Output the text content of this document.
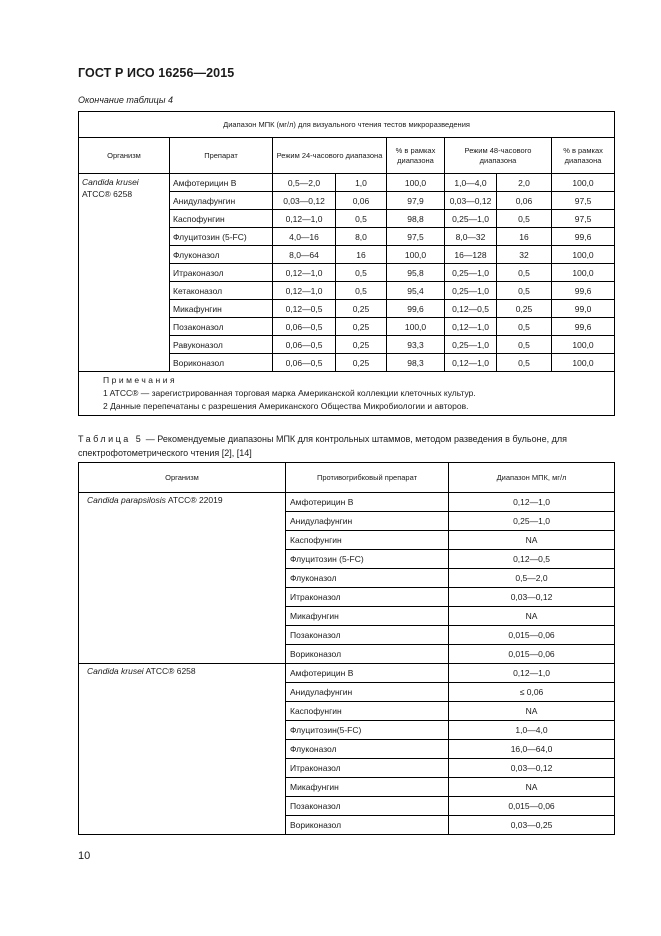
ГОСТ Р ИСО 16256—2015
Окончание таблицы 4
Диапазон МПК (мг/л) для визуального чтения тестов микроразведения							
Организм	Препарат	Режим 24-часового диапазона		% в рамках диапазона	Режим 48-часового диапазона		% в рамках диапазона
Candida krusei
ATCC® 6258	Амфотерицин В	0,5—2,0	1,0	100,0	1,0—4,0	2,0	100,0
	Анидулафунгин	0,03—0,12	0,06	97,9	0,03—0,12	0,06	97,5
	Каспофунгин	0,12—1,0	0,5	98,8	0,25—1,0	0,5	97,5
	Флуцитозин (5-FC)	4,0—16	8,0	97,5	8,0—32	16	99,6
	Флуконазол	8,0—64	16	100,0	16—128	32	100,0
	Итраконазол	0,12—1,0	0,5	95,8	0,25—1,0	0,5	100,0
	Кетаконазол	0,12—1,0	0,5	95,4	0,25—1,0	0,5	99,6
	Микафунгин	0,12—0,5	0,25	99,6	0,12—0,5	0,25	99,0
	Позаконазол	0,06—0,5	0,25	100,0	0,12—1,0	0,5	99,6
	Равуконазол	0,06—0,5	0,25	93,3	0,25—1,0	0,5	100,0
	Вориконазол	0,06—0,5	0,25	98,3	0,12—1,0	0,5	100,0

Примечания
1 ATCC® — зарегистрированная торговая марка Американской коллекции клеточных культур.
2 Данные перепечатаны с разрешения Американского Общества Микробиологии и авторов.							
Таблица 5 — Рекомендуемые диапазоны МПК для контрольных штаммов, методом разведения в бульоне, для спектрофотометрического чтения [2], [14]
Организм	Противогрибковый препарат	Диапазон МПК, мг/л
Candida parapsilosis ATCC® 22019	Амфотерицин В	0,12—1,0
	Анидулафунгин	0,25—1,0
	Каспофунгин	NA
	Флуцитозин (5-FC)	0,12—0,5
	Флуконазол	0,5—2,0
	Итраконазол	0,03—0,12
	Микафунгин	NA
	Позаконазол	0,015—0,06
	Вориконазол	0,015—0,06
Candida krusei ATCC® 6258	Амфотерицин В	0,12—1,0
	Анидулафунгин	≤ 0,06
	Каспофунгин	NA
	Флуцитозин(5-FC)	1,0—4,0
	Флуконазол	16,0—64,0
	Итраконазол	0,03—0,12
	Микафунгин	NA
	Позаконазол	0,015—0,06
	Вориконазол	0,03—0,25
10
